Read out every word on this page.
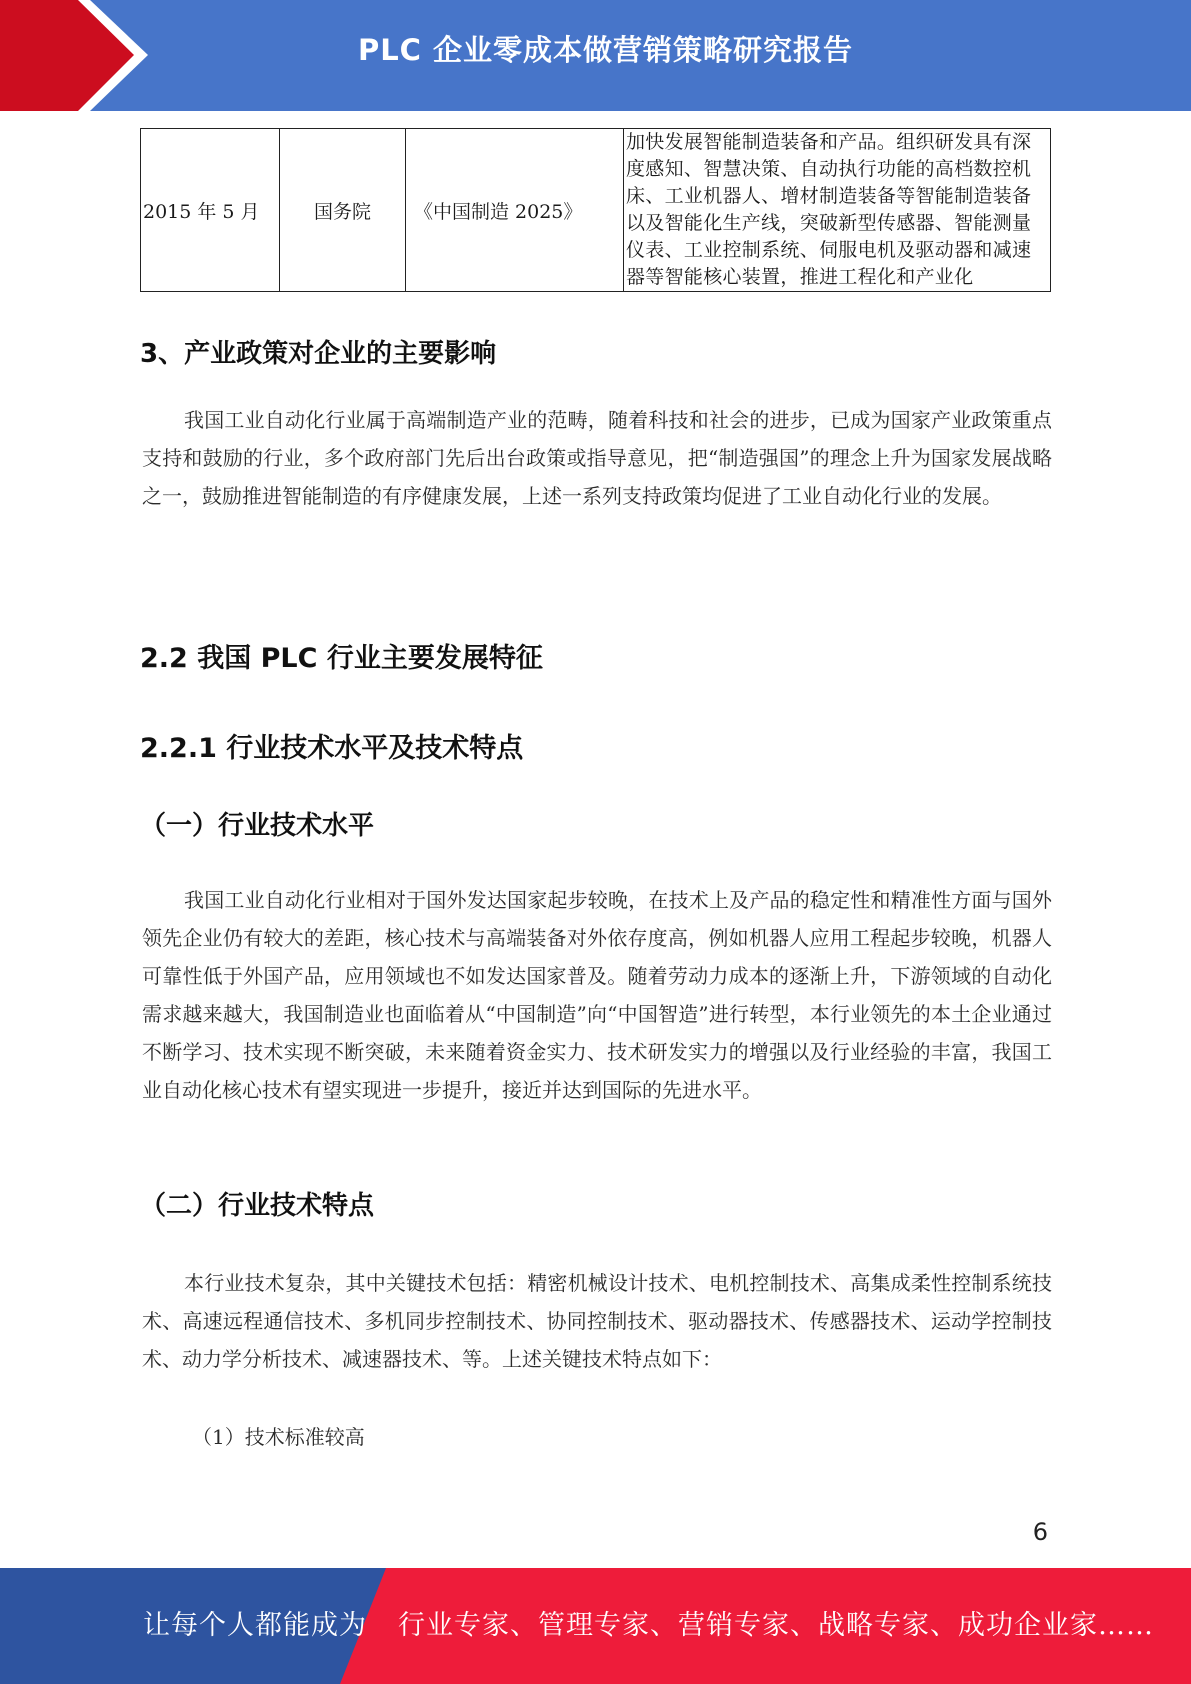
PLC 企业零成本做营销策略研究报告
2015 年 5 月	国务院	《中国制造 2025》	
加快发展智能制造装备和产品。组织研发具有深
度感知、智慧决策、自动执行功能的高档数控机
床、工业机器人、增材制造装备等智能制造装备
以及智能化生产线，突破新型传感器、智能测量
仪表、工业控制系统、伺服电机及驱动器和减速
器等智能核心装置，推进工程化和产业化
3、产业政策对企业的主要影响

我国工业自动化行业属于高端制造产业的范畴，随着科技和社会的进步，已成为国家产业政策重点支持和鼓励的行业，多个政府部门先后出台政策或指导意见，把“制造强国”的理念上升为国家发展战略之一，鼓励推进智能制造的有序健康发展，上述一系列支持政策均促进了工业自动化行业的发展。

2.2 我国 PLC 行业主要发展特征
2.2.1 行业技术水平及技术特点
（一）行业技术水平

我国工业自动化行业相对于国外发达国家起步较晚，在技术上及产品的稳定性和精准性方面与国外领先企业仍有较大的差距，核心技术与高端装备对外依存度高，例如机器人应用工程起步较晚，机器人可靠性低于外国产品，应用领域也不如发达国家普及。随着劳动力成本的逐渐上升，下游领域的自动化需求越来越大，我国制造业也面临着从“中国制造”向“中国智造”进行转型，本行业领先的本土企业通过不断学习、技术实现不断突破，未来随着资金实力、技术研发实力的增强以及行业经验的丰富，我国工业自动化核心技术有望实现进一步提升，接近并达到国际的先进水平。

（二）行业技术特点

本行业技术复杂，其中关键技术包括：精密机械设计技术、电机控制技术、高集成柔性控制系统技术、高速远程通信技术、多机同步控制技术、协同控制技术、驱动器技术、传感器技术、运动学控制技术、动力学分析技术、减速器技术、等。上述关键技术特点如下：

（1）技术标准较高

6
让每个人都能成为 行业专家、管理专家、营销专家、战略专家、成功企业家……
